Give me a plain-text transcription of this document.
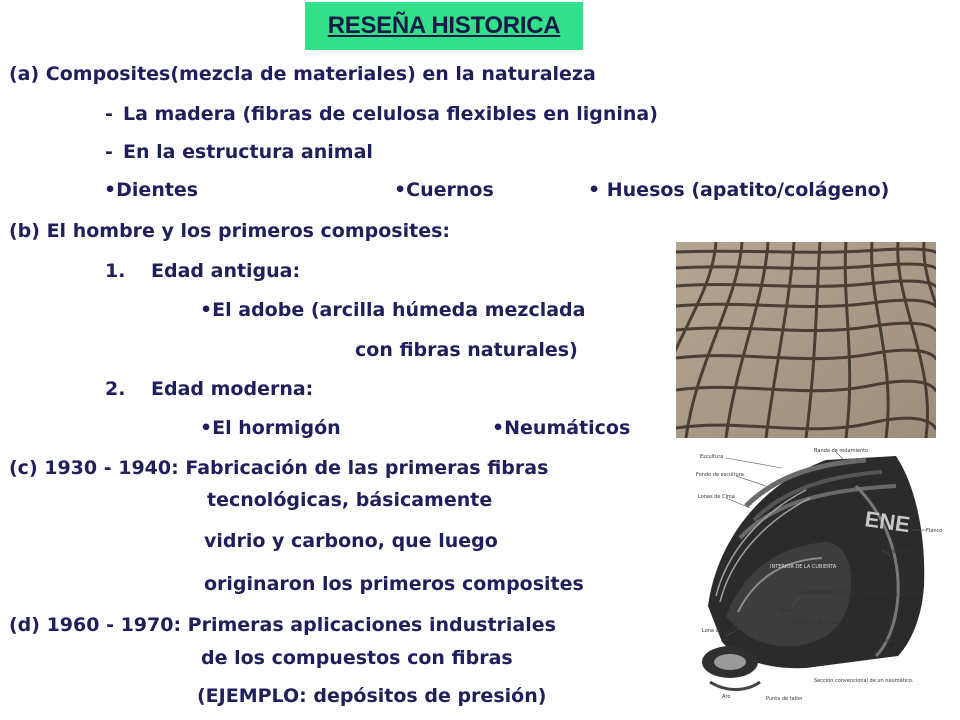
RESEÑA HISTORICA
(a) Composites(mezcla de materiales) en la naturaleza
- La madera (fibras de celulosa flexibles en lignina)
- En la estructura animal
•Dientes	•Cuernos	• Huesos (apatito/colágeno)
(b) El hombre y los primeros composites:
1. Edad antigua:
•El adobe (arcilla húmeda mezclada
con fibras naturales)
2. Edad moderna:
•El hormigón	•Neumáticos
(c) 1930 - 1940: Fabricación de las primeras fibras
tecnológicas, básicamente
vidrio y carbono, que luego
originaron los primeros composites
(d) 1960 - 1970: Primeras aplicaciones industriales
de los compuestos con fibras
(EJEMPLO: depósitos de presión)
ENE
Escultura
Fondo de escultura
Lonas de Cima
Banda de rodamiento
Flanco
INTERIOR DE LA CUBIERTA
Enganche
Lona de Carcasa
Revestimiento de goma interior
Talón
Esquema de la cubierta
Cordón de centrado
Zona de apoyo
Aro	Punta de talón
Sección convencional de un neumático.
